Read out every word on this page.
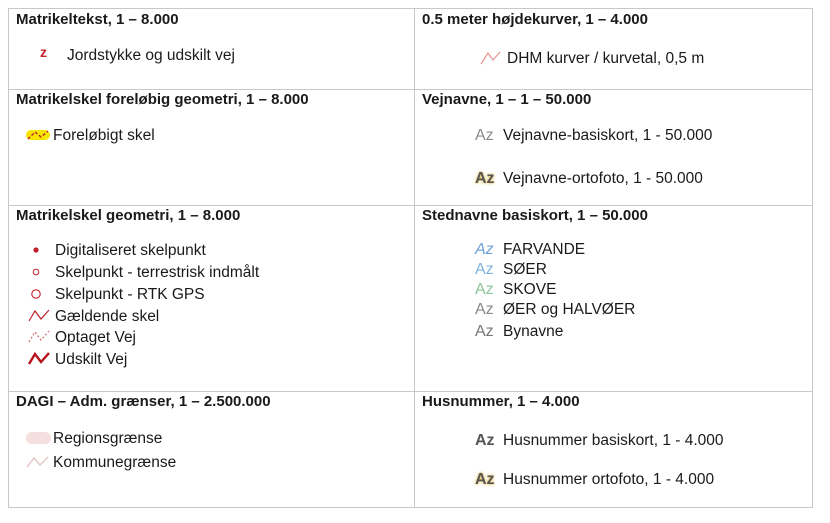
Matrikeltekst, 1 – 8.000
z Jordstykke og udskilt vej
0.5 meter højdekurver, 1 – 4.000
DHM kurver / kurvetal, 0,5 m
Matrikelskel foreløbig geometri, 1 – 8.000
Foreløbigt skel
Vejnavne, 1 – 1 – 50.000
Az Vejnavne-basiskort, 1 - 50.000
Az Vejnavne-ortofoto, 1 - 50.000
Matrikelskel geometri, 1 – 8.000
Digitaliseret skelpunkt
Skelpunkt - terrestrisk indmålt
Skelpunkt - RTK GPS
Gældende skel
Optaget Vej
Udskilt Vej
Stednavne basiskort, 1 – 50.000
Az FARVANDE
Az SØER
Az SKOVE
Az ØER og HALVØER
Az Bynavne
DAGI – Adm. grænser, 1 – 2.500.000
Regionsgrænse
Kommunegrænse
Husnummer, 1 – 4.000
Az Husnummer basiskort, 1 - 4.000
Az Husnummer ortofoto, 1 - 4.000
